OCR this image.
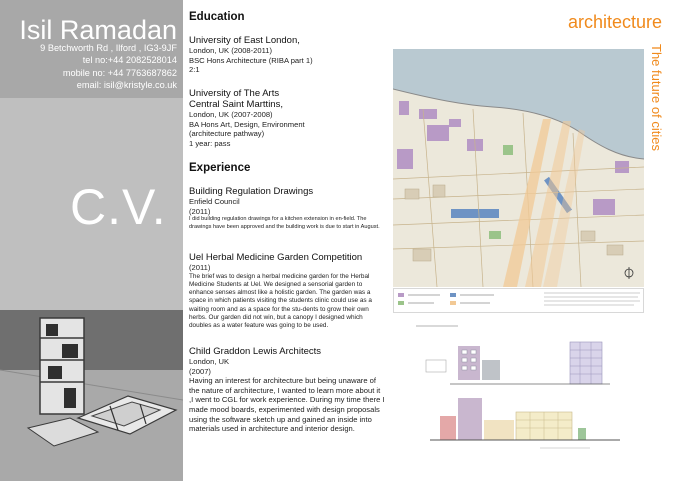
Isil Ramadan
9 Betchworth Rd , Ilford , IG3-9JF
tel no:+44 2082528014
mobile no: +44 7763687862
email: isil@kristyle.co.uk
C.V.
Education
University of East London,
London, UK (2008-2011)
BSC Hons Architecture (RIBA part 1)
2:1
University of The Arts
Central Saint Marttins,
London, UK (2007-2008)
BA Hons Art, Design, Environment
(architecture pathway)
1 year: pass
Experience
Building Regulation Drawings
Enfield Council
(2011)
I did building regulation drawings for a kitchen extension in en-field. The drawings have been approved and the building work is due to start in August.
Uel Herbal Medicine Garden Competition
(2011)
The brief was to design a herbal medicine garden for the Herbal Medicine Students at Uel. We designed a sensorial garden to enhance senses almost like a holistic garden. The garden was a space in which patients visiting the students clinic could use as a waiting room and as a space for the stu-dents to grow their own herbs. Our garden did not win, but a canopy I designed which doubles as a water feature was going to be used.
Child Graddon Lewis Architects
London, UK
(2007)
Having an interest for architecture but being unaware of the nature of architecture, I wanted to learn more about it ,I went to CGL for work experience. During my time there I made mood boards, experimented with design proposals using the software sketch up and gained an inside into materials used in architecture and interior design.
architecture
The future of cities
